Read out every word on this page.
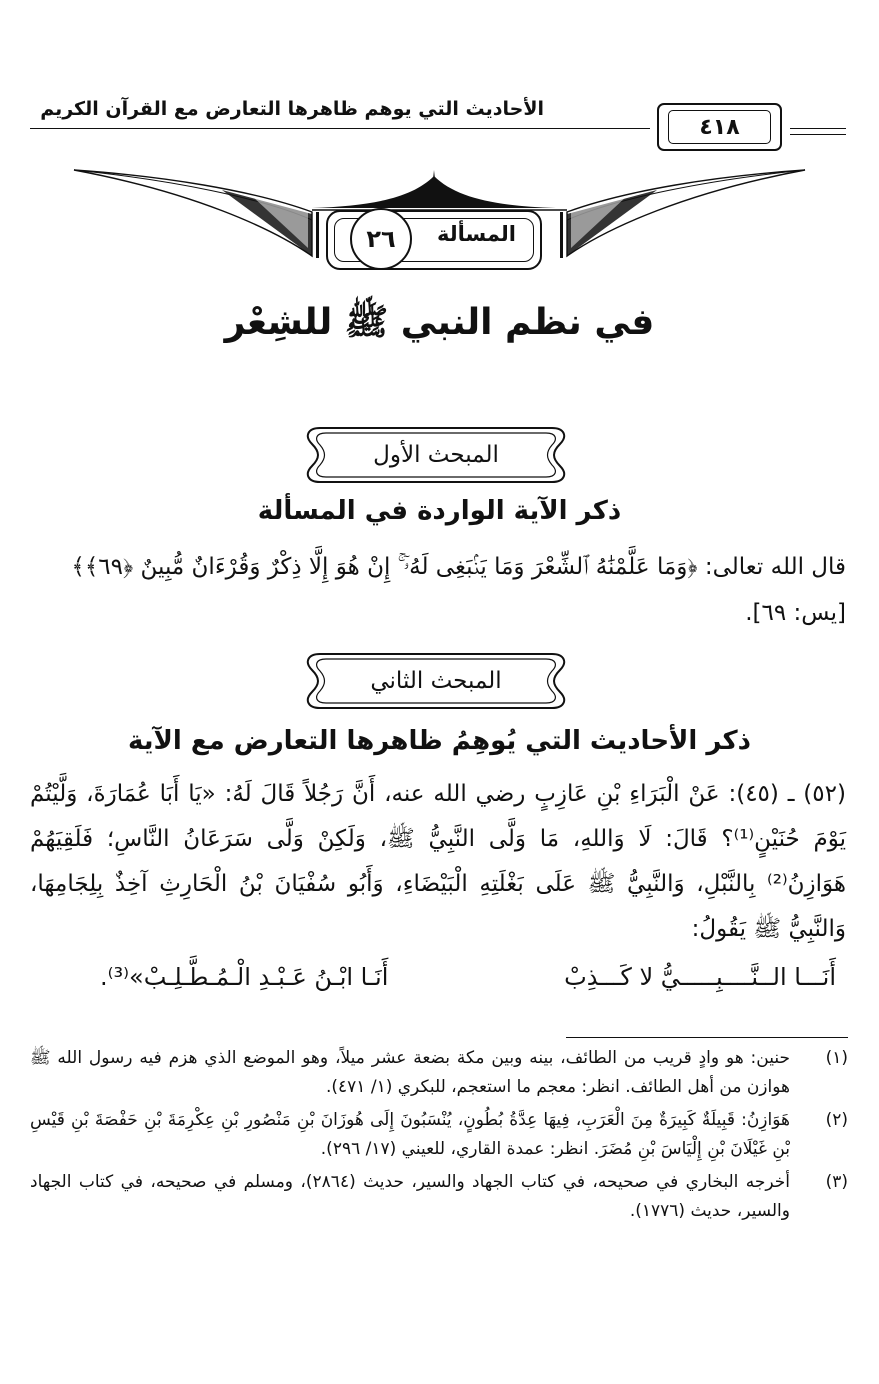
الأحاديث التي يوهم ظاهرها التعارض مع القرآن الكريم
٤١٨
المسألة
٢٦
في نظم النبي ﷺ للشِعْر
المبحث الأول
ذكر الآية الواردة في المسألة
قال الله تعالى: ﴿وَمَا عَلَّمْنَٰهُ ٱلشِّعْرَ وَمَا يَنۢبَغِى لَهُۥٓ ۚ إِنْ هُوَ إِلَّا ذِكْرٌ وَقُرْءَانٌ مُّبِينٌ ﴿٦٩﴾﴾
[يس: ٦٩].
المبحث الثاني
ذكر الأحاديث التي يُوهِمُ ظاهرها التعارض مع الآية
(٥٢) ـ (٤٥): عَنْ الْبَرَاءِ بْنِ عَازِبٍ رضي الله عنه، أَنَّ رَجُلاً قَالَ لَهُ: «يَا أَبَا عُمَارَةَ، وَلَّيْتُمْ يَوْمَ حُنَيْنٍ⁽¹⁾؟ قَالَ: لَا وَاللهِ، مَا وَلَّى النَّبِيُّ ﷺ، وَلَكِنْ وَلَّى سَرَعَانُ النَّاسِ؛ فَلَقِيَهُمْ هَوَازِنُ⁽²⁾ بِالنَّبْلِ، وَالنَّبِيُّ ﷺ عَلَى بَغْلَتِهِ الْبَيْضَاءِ، وَأَبُو سُفْيَانَ بْنُ الْحَارِثِ آخِذٌ بِلِجَامِهَا، وَالنَّبِيُّ ﷺ يَقُولُ:
أَنَـــا الــنَّــــبِـــــيُّ لا كَـــذِبْ
أَنَـا ابْـنُ عَـبْـدِ الْـمُـطَّـلِـبْ»⁽³⁾.
(١)
حنين: هو وادٍ قريب من الطائف، بينه وبين مكة بضعة عشر ميلاً، وهو الموضع الذي هزم فيه رسول الله ﷺ هوازن من أهل الطائف. انظر: معجم ما استعجم، للبكري (١/ ٤٧١).
(٢)
هَوَازِنُ: قَبِيلَةٌ كَبِيرَةٌ مِنَ الْعَرَبِ، فِيهَا عِدَّةُ بُطُونٍ، يُنْسَبُونَ إِلَى هُوزَانَ بْنِ مَنْصُورِ بْنِ عِكْرِمَةَ بْنِ حَفْصَةَ بْنِ قَيْسِ بْنِ غَيْلَانَ بْنِ إِلْيَاسَ بْنِ مُضَرَ. انظر: عمدة القاري، للعيني (١٧/ ٢٩٦).
(٣)
أخرجه البخاري في صحيحه، في كتاب الجهاد والسير، حديث (٢٨٦٤)، ومسلم في صحيحه، في كتاب الجهاد والسير، حديث (١٧٧٦).
